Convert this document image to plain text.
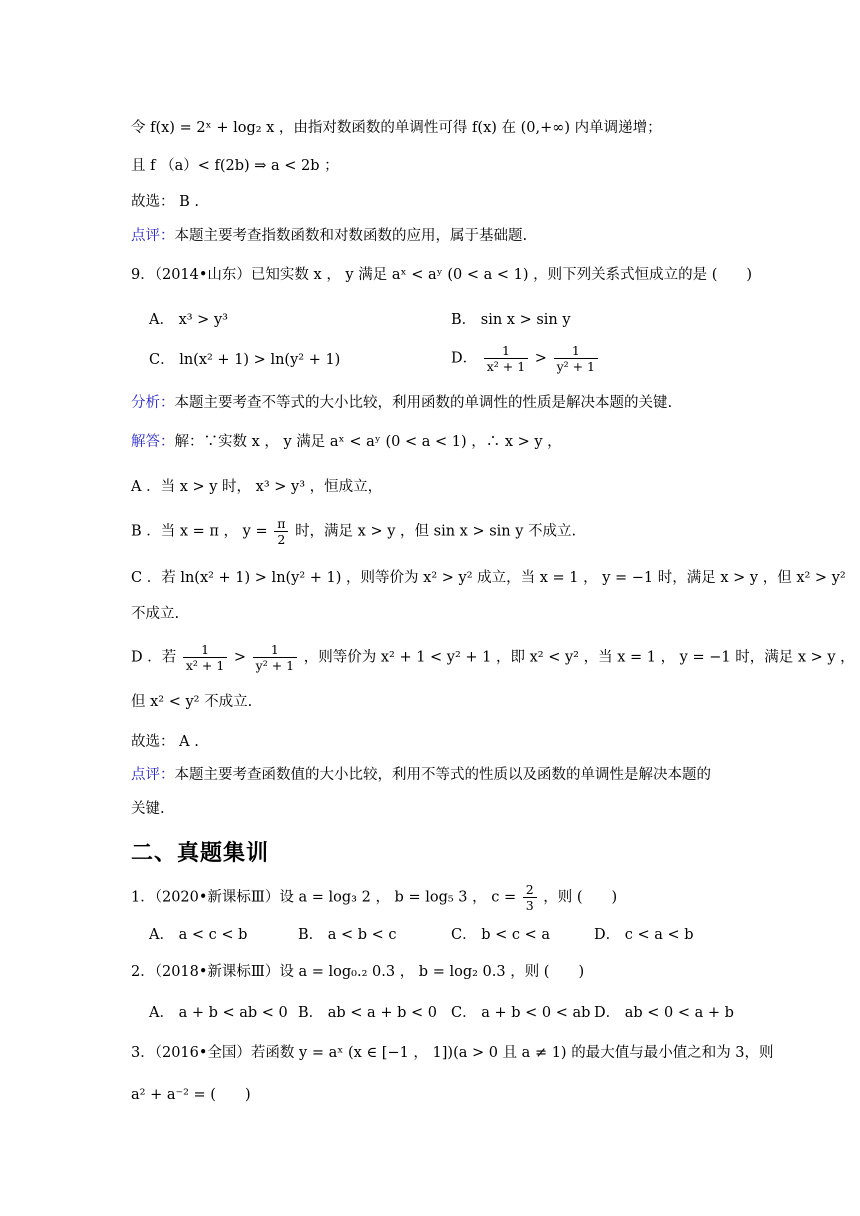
令 f(x) = 2ˣ + log₂ x ，由指对数函数的单调性可得 f(x) 在 (0,+∞) 内单调递增；
且 f （a）< f(2b) ⇒ a < 2b ；
故选： B .
点评：本题主要考查指数函数和对数函数的应用，属于基础题.
9．（2014•山东）已知实数 x ， y 满足 aˣ < aʸ (0 < a < 1) ，则下列关系式恒成立的是 (　　)
A． x³ > y³	B． sin x > sin y
C． ln(x² + 1) > ln(y² + 1)	D． $\frac{1}{\text{x² + 1}} > \frac{1}{\text{y² + 1}}$
分析：本题主要考查不等式的大小比较，利用函数的单调性的性质是解决本题的关键.
解答：解：∵实数 x ， y 满足 aˣ < aʸ (0 < a < 1) ，∴ x > y ，
A ．当 x > y 时， x³ > y³ ，恒成立，
B ．当 x = π ， $y = \frac{\pi}{2}$ 时，满足 x > y ，但 sin x > sin y 不成立.
C ．若 ln(x² + 1) > ln(y² + 1) ，则等价为 x² > y² 成立，当 x = 1 ， y = −1 时，满足 x > y ，但 x² > y²
不成立.
D ．若 $\frac{1}{\text{x² + 1}} > \frac{1}{\text{y² + 1}}$ ，则等价为 x² + 1 < y² + 1 ，即 x² < y² ，当 x = 1 ， y = −1 时，满足 x > y ，
但 x² < y² 不成立.
故选： A .
点评：本题主要考查函数值的大小比较，利用不等式的性质以及函数的单调性是解决本题的
关键.
二、真题集训
1．（2020•新课标Ⅲ）设 a = log₃ 2 ， b = log₅ 3 ， $c = \frac{2}{3}$ ，则 (　　)
A． a < c < b	B． a < b < c	C． b < c < a	D． c < a < b
2．（2018•新课标Ⅲ）设 a = log₀.₂ 0.3 ， b = log₂ 0.3 ，则 (　　)
A． a + b < ab < 0 B． ab < a + b < 0 C． a + b < 0 < ab D． ab < 0 < a + b
3．（2016•全国）若函数 y = aˣ (x ∈ [−1 ， 1])(a > 0 且 a ≠ 1) 的最大值与最小值之和为 3，则
a² + a⁻² = (　　)
